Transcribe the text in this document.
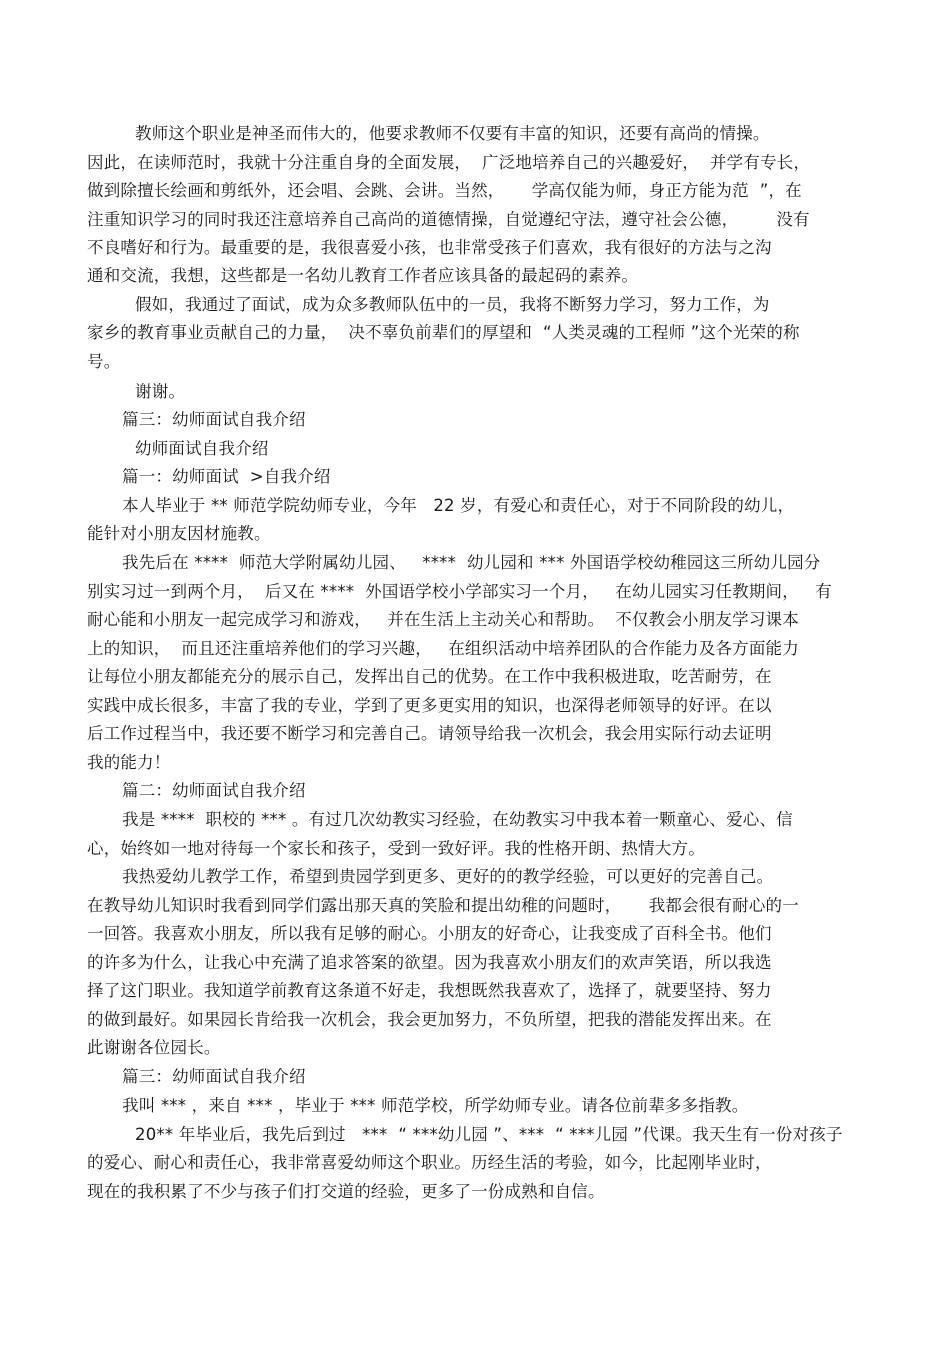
教师这个职业是神圣而伟大的，他要求教师不仅要有丰富的知识，还要有高尚的情操。
因此，在读师范时，我就十分注重自身的全面发展，  广泛地培养自己的兴趣爱好，  并学有专长，
做到除擅长绘画和剪纸外，还会唱、会跳、会讲。当然，     学高仅能为师，身正方能为范  ”，在
注重知识学习的同时我还注意培养自己高尚的道德情操，自觉遵纪守法，遵守社会公德，       没有
不良嗜好和行为。最重要的是，我很喜爱小孩，也非常受孩子们喜欢，我有很好的方法与之沟
通和交流，我想，这些都是一名幼儿教育工作者应该具备的最起码的素养。
假如，我通过了面试，成为众多教师队伍中的一员，我将不断努力学习，努力工作，为
家乡的教育事业贡献自己的力量，  决不辜负前辈们的厚望和  “人类灵魂的工程师 ”这个光荣的称
号。
谢谢。
篇三：幼师面试自我介绍
幼师面试自我介绍
篇一：幼师面试  >自我介绍
本人毕业于 ** 师范学院幼师专业，今年   22 岁，有爱心和责任心，对于不同阶段的幼儿，
能针对小朋友因材施教。
我先后在 ****  师范大学附属幼儿园、   ****  幼儿园和 *** 外国语学校幼稚园这三所幼儿园分
别实习过一到两个月，  后又在 ****  外国语学校小学部实习一个月，   在幼儿园实习任教期间，   有
耐心能和小朋友一起完成学习和游戏，   并在生活上主动关心和帮助。  不仅教会小朋友学习课本
上的知识，  而且还注重培养他们的学习兴趣，   在组织活动中培养团队的合作能力及各方面能力
让每位小朋友都能充分的展示自己，发挥出自己的优势。在工作中我积极进取，吃苦耐劳，在
实践中成长很多，丰富了我的专业，学到了更多更实用的知识，也深得老师领导的好评。在以
后工作过程当中，我还要不断学习和完善自己。请领导给我一次机会，我会用实际行动去证明
我的能力！
篇二：幼师面试自我介绍
我是 ****  职校的 *** 。有过几次幼教实习经验，在幼教实习中我本着一颗童心、爱心、信
心，始终如一地对待每一个家长和孩子，受到一致好评。我的性格开朗、热情大方。
我热爱幼儿教学工作，希望到贵园学到更多、更好的的教学经验，可以更好的完善自己。
在教导幼儿知识时我看到同学们露出那天真的笑脸和提出幼稚的问题时，     我都会很有耐心的一
一回答。我喜欢小朋友，所以我有足够的耐心。小朋友的好奇心，让我变成了百科全书。他们
的许多为什么，让我心中充满了追求答案的欲望。因为我喜欢小朋友们的欢声笑语，所以我选
择了这门职业。我知道学前教育这条道不好走，我想既然我喜欢了，选择了，就要坚持、努力
的做到最好。如果园长肯给我一次机会，我会更加努力，不负所望，把我的潜能发挥出来。在
此谢谢各位园长。
篇三：幼师面试自我介绍
我叫 *** ，来自 *** ，毕业于 *** 师范学校，所学幼师专业。请各位前辈多多指教。
20** 年毕业后，我先后到过   ***  “ ***幼儿园 ”、***  “ ***儿园 ”代课。我天生有一份对孩子
的爱心、耐心和责任心，我非常喜爱幼师这个职业。历经生活的考验，如今，比起刚毕业时，
现在的我积累了不少与孩子们打交道的经验，更多了一份成熟和自信。
